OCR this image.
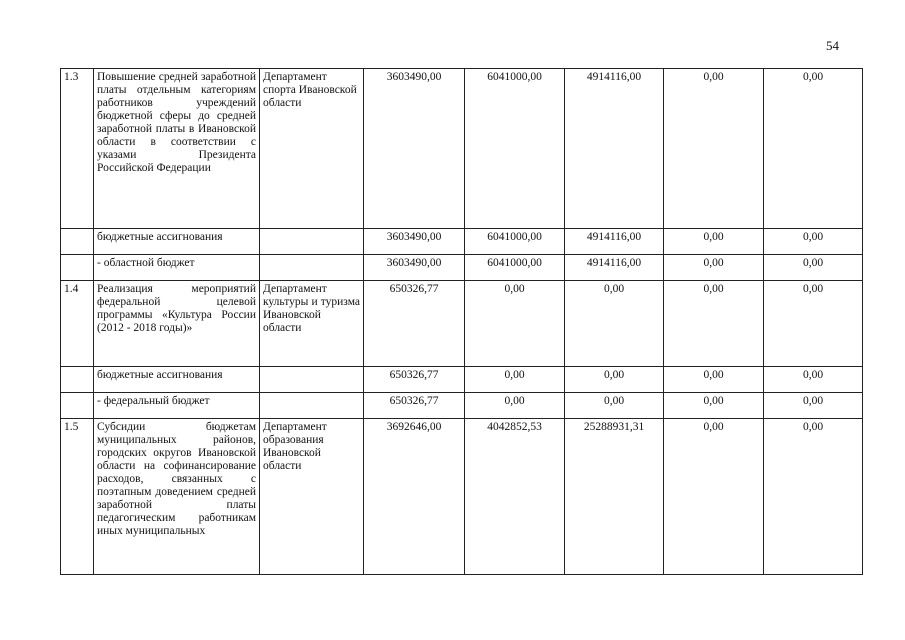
54
1.3	Повышение средней заработной платы отдельным категориям работников учреждений бюджетной сферы до средней заработной платы в Ивановской области в соответствии с указами Президента Российской Федерации	Департамент спорта Ивановской области	3603490,00	6041000,00	4914116,00	0,00	0,00
	бюджетные ассигнования		3603490,00	6041000,00	4914116,00	0,00	0,00
	- областной бюджет		3603490,00	6041000,00	4914116,00	0,00	0,00
1.4	Реализация мероприятий федеральной целевой программы «Культура России (2012 - 2018 годы)»	Департамент культуры и туризма Ивановской области	650326,77	0,00	0,00	0,00	0,00
	бюджетные ассигнования		650326,77	0,00	0,00	0,00	0,00
	- федеральный бюджет		650326,77	0,00	0,00	0,00	0,00
1.5	Субсидии бюджетам муниципальных районов, городских округов Ивановской области на софинансирование расходов, связанных с поэтапным доведением средней заработной платы педагогическим работникам иных муниципальных	Департамент образования Ивановской области	3692646,00	4042852,53	25288931,31	0,00	0,00
